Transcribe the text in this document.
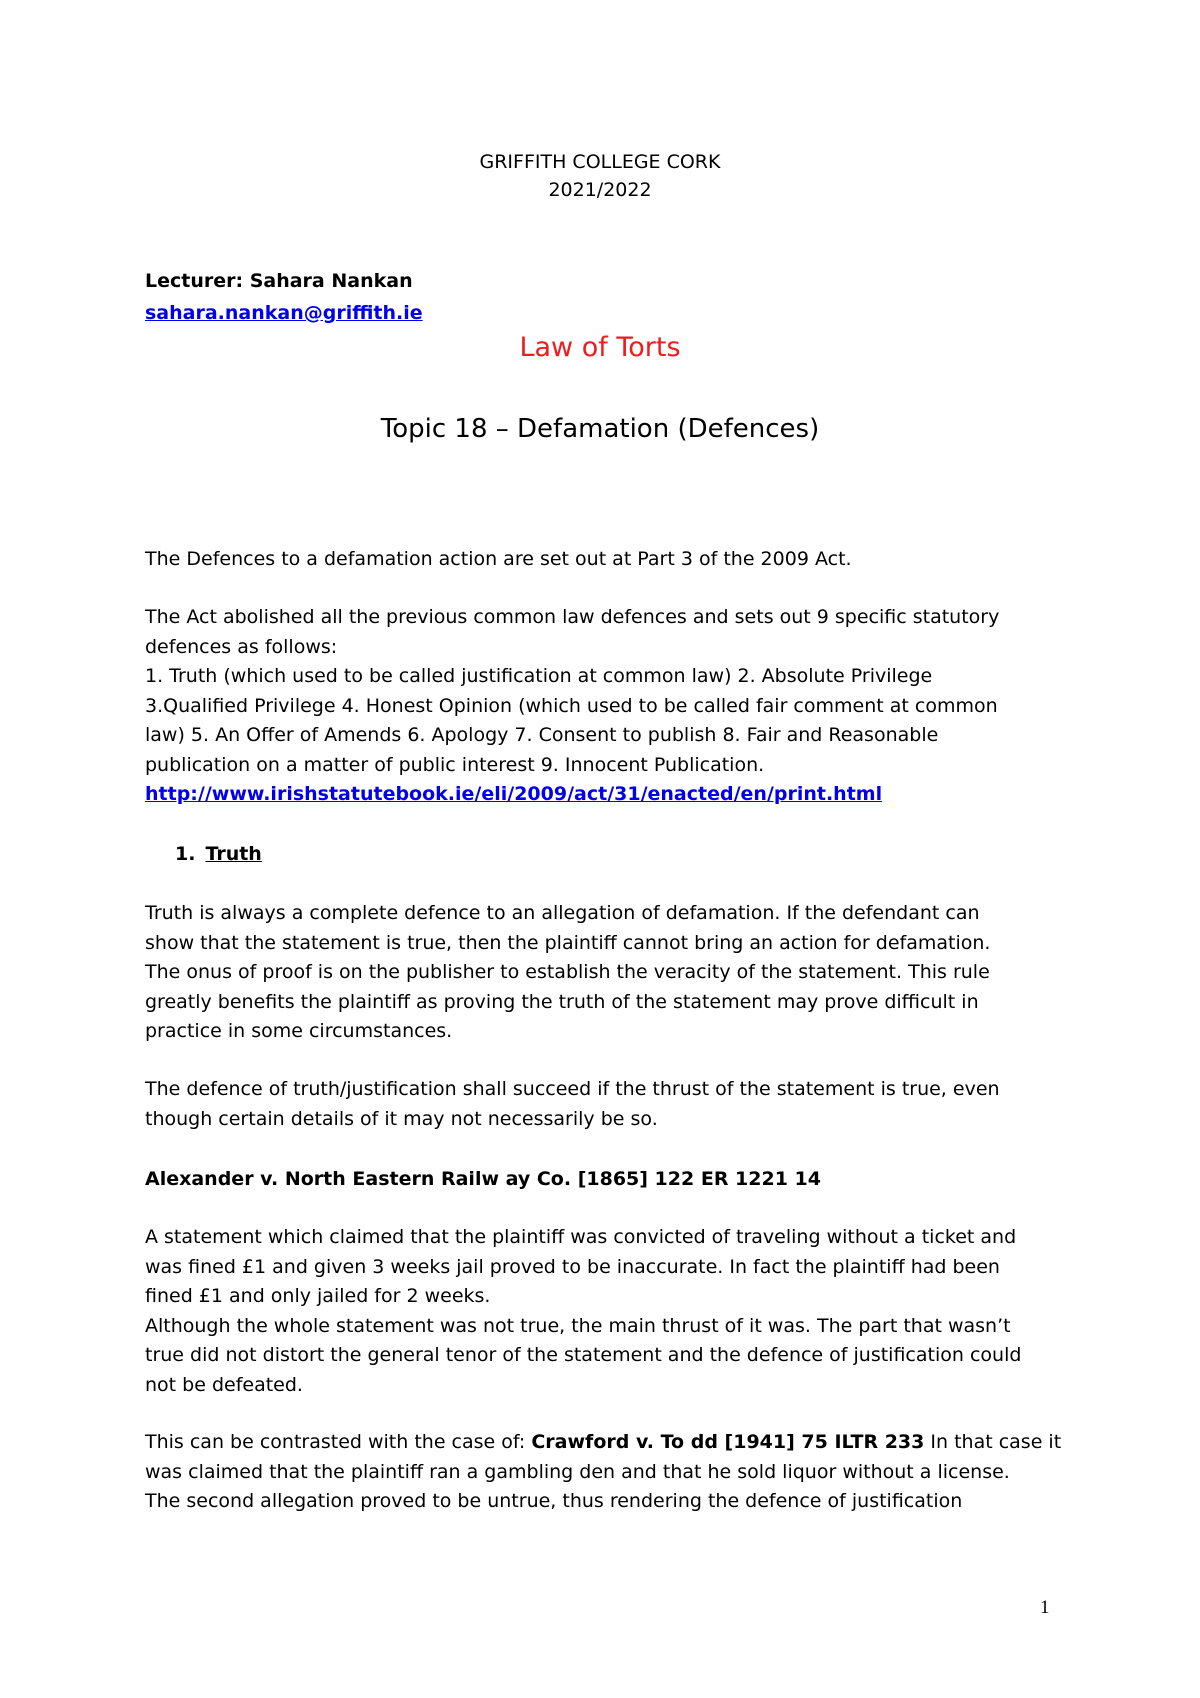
GRIFFITH COLLEGE CORK
2021/2022
Lecturer: Sahara Nankan
sahara.nankan@griffith.ie
Law of Torts
Topic 18 – Defamation (Defences)
The Defences to a defamation action are set out at Part 3 of the 2009 Act.
The Act abolished all the previous common law defences and sets out 9 specific statutory
defences as follows:
1. Truth (which used to be called justification at common law) 2. Absolute Privilege
3.Qualified Privilege 4. Honest Opinion (which used to be called fair comment at common
law) 5. An Offer of Amends 6. Apology 7. Consent to publish 8. Fair and Reasonable
publication on a matter of public interest 9. Innocent Publication.
http://www.irishstatutebook.ie/eli/2009/act/31/enacted/en/print.html
1. Truth
Truth is always a complete defence to an allegation of defamation. If the defendant can
show that the statement is true, then the plaintiff cannot bring an action for defamation.
The onus of proof is on the publisher to establish the veracity of the statement. This rule
greatly benefits the plaintiff as proving the truth of the statement may prove difficult in
practice in some circumstances.
The defence of truth/justification shall succeed if the thrust of the statement is true, even
though certain details of it may not necessarily be so.
Alexander v. North Eastern Railw ay Co. [1865] 122 ER 1221 14
A statement which claimed that the plaintiff was convicted of traveling without a ticket and
was fined £1 and given 3 weeks jail proved to be inaccurate. In fact the plaintiff had been
fined £1 and only jailed for 2 weeks.
Although the whole statement was not true, the main thrust of it was. The part that wasn’t
true did not distort the general tenor of the statement and the defence of justification could
not be defeated.
This can be contrasted with the case of: Crawford v. To dd [1941] 75 ILTR 233 In that case it
was claimed that the plaintiff ran a gambling den and that he sold liquor without a license.
The second allegation proved to be untrue, thus rendering the defence of justification
1
